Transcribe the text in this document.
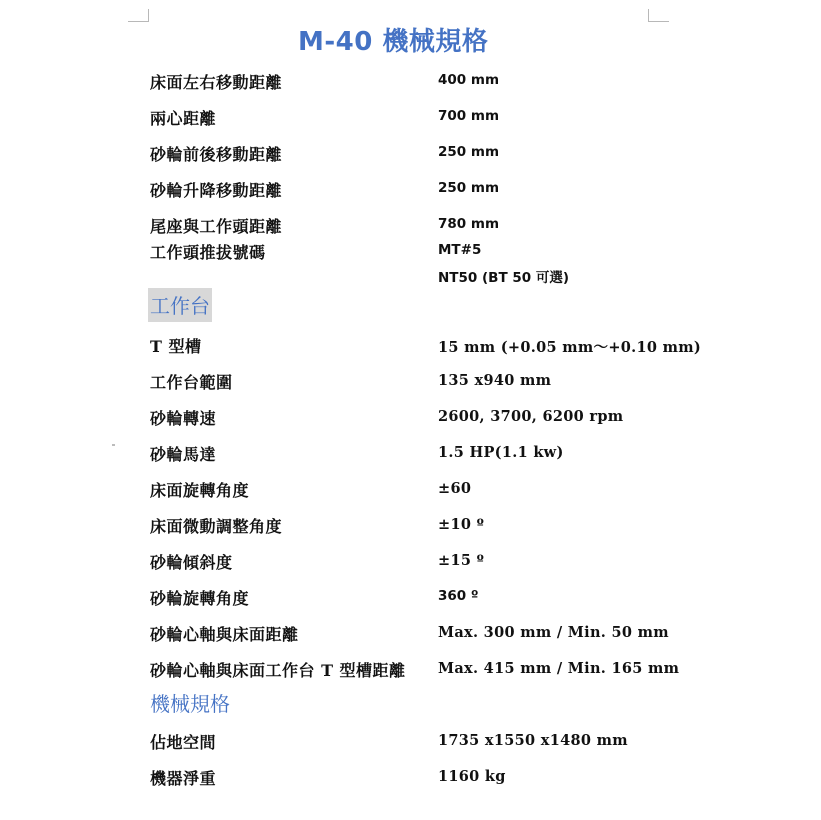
M-40 機械規格
床面左右移動距離	400 mm
兩心距離	700 mm
砂輪前後移動距離	250 mm
砂輪升降移動距離	250 mm
尾座與工作頭距離	780 mm
工作頭推拔號碼	MT#5
NT50 (BT 50 可選)
工作台
T 型槽	15 mm (+0.05 mm～+0.10 mm)
工作台範圍	135 x940 mm
砂輪轉速	2600, 3700, 6200 rpm
砂輪馬達	1.5 HP(1.1 kw)
床面旋轉角度	±60
床面微動調整角度	±10 º
砂輪傾斜度	±15 º
砂輪旋轉角度	360 º
砂輪心軸與床面距離	Max. 300 mm / Min. 50 mm
砂輪心軸與床面工作台 T 型槽距離 Max. 415 mm / Min. 165 mm
機械規格
佔地空間	1735 x1550 x1480 mm
機器淨重	1160 kg
